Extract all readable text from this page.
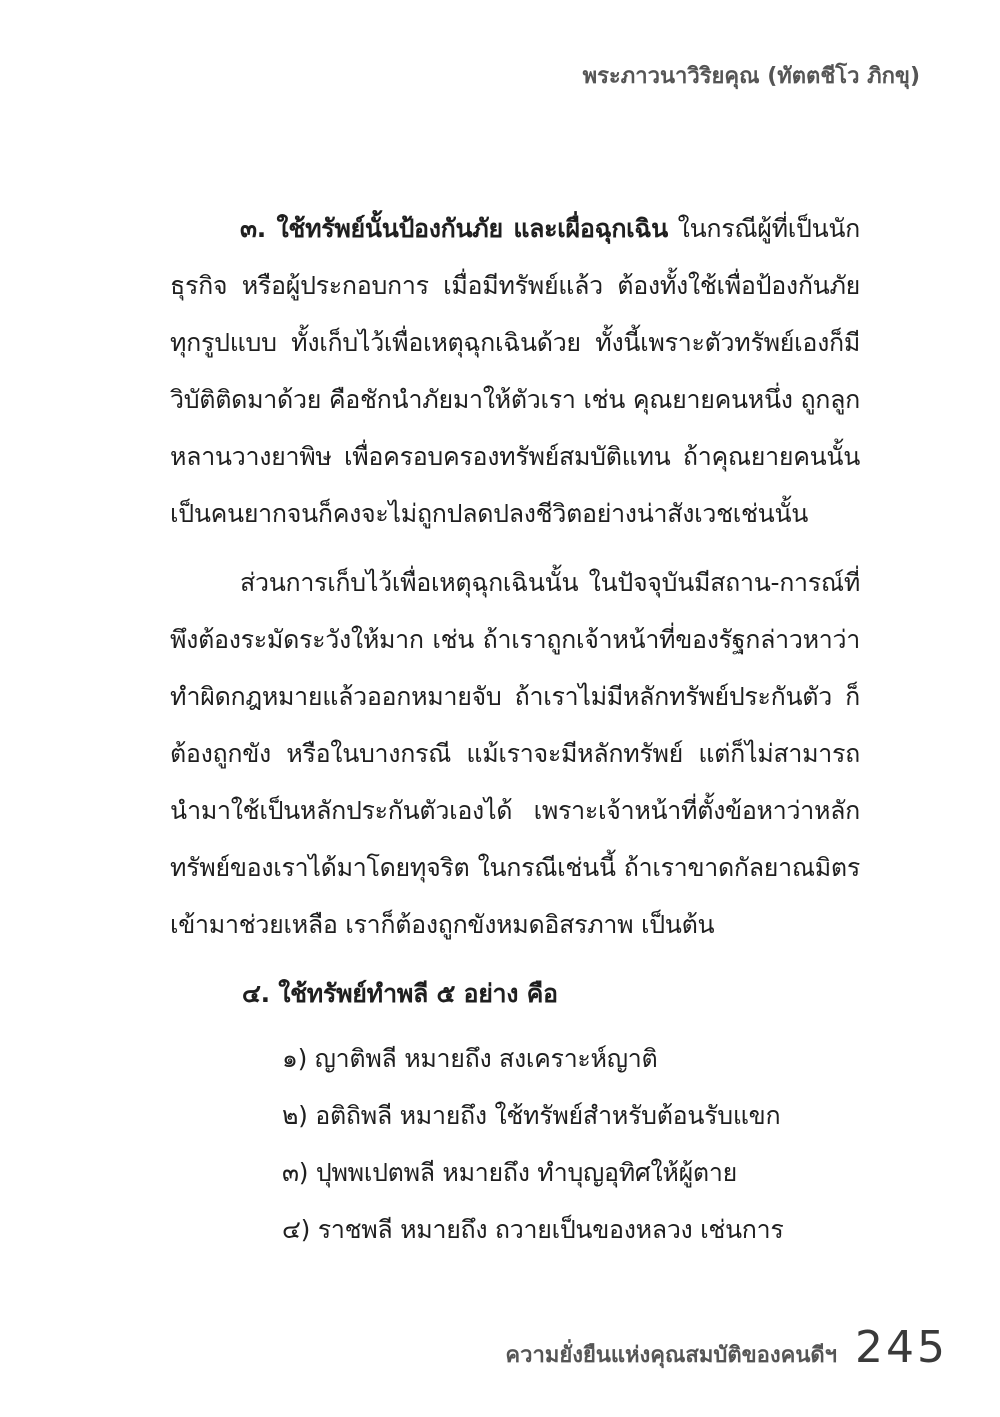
พระภาวนาวิริยคุณ (ทัตตชีโว ภิกขุ)

๓. ใช้ทรัพย์นั้นป้องกันภัย และเผื่อฉุกเฉิน ในกรณีผู้ที่เป็นนักธุรกิจ หรือผู้ประกอบการ เมื่อมีทรัพย์แล้ว ต้องทั้งใช้เพื่อป้องกันภัยทุกรูปแบบ ทั้งเก็บไว้เพื่อเหตุฉุกเฉินด้วย ทั้งนี้เพราะตัวทรัพย์เองก็มีวิบัติติดมาด้วย คือชักนำภัยมาให้ตัวเรา เช่น คุณยายคนหนึ่ง ถูกลูกหลานวางยาพิษ เพื่อครอบครองทรัพย์สมบัติแทน ถ้าคุณยายคนนั้นเป็นคนยากจนก็คงจะไม่ถูกปลดปลงชีวิตอย่างน่าสังเวชเช่นนั้น

ส่วนการเก็บไว้เพื่อเหตุฉุกเฉินนั้น ในปัจจุบันมีสถาน-การณ์ที่พึงต้องระมัดระวังให้มาก เช่น ถ้าเราถูกเจ้าหน้าที่ของรัฐกล่าวหาว่าทำผิดกฎหมายแล้วออกหมายจับ ถ้าเราไม่มีหลักทรัพย์ประกันตัว ก็ต้องถูกขัง หรือในบางกรณี แม้เราจะมีหลักทรัพย์ แต่ก็ไม่สามารถนำมาใช้เป็นหลักประกันตัวเองได้ เพราะเจ้าหน้าที่ตั้งข้อหาว่าหลักทรัพย์ของเราได้มาโดยทุจริต ในกรณีเช่นนี้ ถ้าเราขาดกัลยาณมิตรเข้ามาช่วยเหลือ เราก็ต้องถูกขังหมดอิสรภาพ เป็นต้น

๔. ใช้ทรัพย์ทำพลี ๕ อย่าง คือ
๑) ญาติพลี หมายถึง สงเคราะห์ญาติ
๒) อติถิพลี หมายถึง ใช้ทรัพย์สำหรับต้อนรับแขก
๓) ปุพพเปตพลี หมายถึง ทำบุญอุทิศให้ผู้ตาย
๔) ราชพลี หมายถึง ถวายเป็นของหลวง เช่นการ
ความยั่งยืนแห่งคุณสมบัติของคนดีฯ 245
